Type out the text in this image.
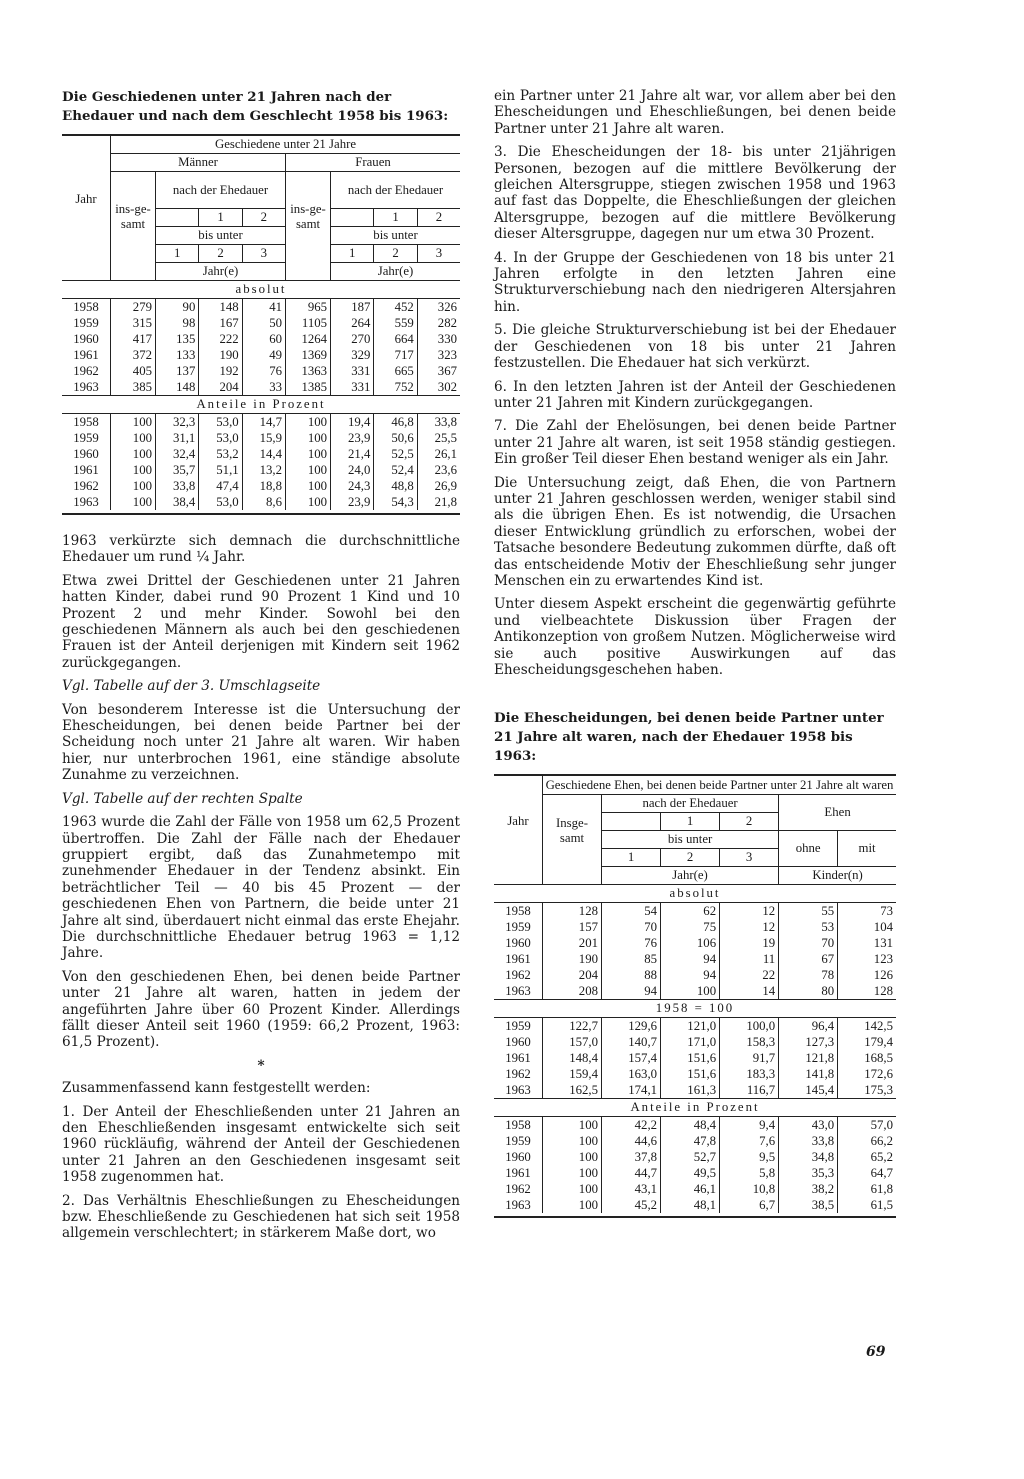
Die Geschiedenen unter 21 Jahren nach der Ehedauer und nach dem Geschlecht 1958 bis 1963:
Jahr	Geschiedene unter 21 Jahre							
	Männer				Frauen			
	ins-ge-samt	nach der Ehedauer			ins-ge-samt	nach der Ehedauer		
			1	2			1	2
		bis unter				bis unter		
		1	2	3		1	2	3
		Jahr(e)				Jahr(e)		
absolut								
1958	279	90	148	41	965	187	452	326
1959	315	98	167	50	1105	264	559	282
1960	417	135	222	60	1264	270	664	330
1961	372	133	190	49	1369	329	717	323
1962	405	137	192	76	1363	331	665	367
1963	385	148	204	33	1385	331	752	302
Anteile in Prozent								
1958	100	32,3	53,0	14,7	100	19,4	46,8	33,8
1959	100	31,1	53,0	15,9	100	23,9	50,6	25,5
1960	100	32,4	53,2	14,4	100	21,4	52,5	26,1
1961	100	35,7	51,1	13,2	100	24,0	52,4	23,6
1962	100	33,8	47,4	18,8	100	24,3	48,8	26,9
1963	100	38,4	53,0	8,6	100	23,9	54,3	21,8

1963 verkürzte sich demnach die durchschnittliche Ehedauer um rund ¼ Jahr.

Etwa zwei Drittel der Geschiedenen unter 21 Jahren hatten Kinder, dabei rund 90 Prozent 1 Kind und 10 Prozent 2 und mehr Kinder. Sowohl bei den geschiedenen Männern als auch bei den geschiedenen Frauen ist der Anteil derjenigen mit Kindern seit 1962 zurückgegangen.

Vgl. Tabelle auf der 3. Umschlagseite

Von besonderem Interesse ist die Untersuchung der Ehescheidungen, bei denen beide Partner bei der Scheidung noch unter 21 Jahre alt waren. Wir haben hier, nur unterbrochen 1961, eine ständige absolute Zunahme zu verzeichnen.

Vgl. Tabelle auf der rechten Spalte

1963 wurde die Zahl der Fälle von 1958 um 62,5 Prozent übertroffen. Die Zahl der Fälle nach der Ehedauer gruppiert ergibt, daß das Zunahmetempo mit zunehmender Ehedauer in der Tendenz absinkt. Ein beträchtlicher Teil — 40 bis 45 Prozent — der geschiedenen Ehen von Partnern, die beide unter 21 Jahre alt sind, überdauert nicht einmal das erste Ehejahr. Die durchschnittliche Ehedauer betrug 1963 = 1,12 Jahre.

Von den geschiedenen Ehen, bei denen beide Partner unter 21 Jahre alt waren, hatten in jedem der angeführten Jahre über 60 Prozent Kinder. Allerdings fällt dieser Anteil seit 1960 (1959: 66,2 Prozent, 1963: 61,5 Prozent).

*

Zusammenfassend kann festgestellt werden:

1. Der Anteil der Eheschließenden unter 21 Jahren an den Eheschließenden insgesamt entwickelte sich seit 1960 rückläufig, während der Anteil der Geschiedenen unter 21 Jahren an den Geschiedenen insgesamt seit 1958 zugenommen hat.

2. Das Verhältnis Eheschließungen zu Ehescheidungen bzw. Eheschließende zu Geschiedenen hat sich seit 1958 allgemein verschlechtert; in stärkerem Maße dort, wo

ein Partner unter 21 Jahre alt war, vor allem aber bei den Ehescheidungen und Eheschließungen, bei denen beide Partner unter 21 Jahre alt waren.

3. Die Ehescheidungen der 18- bis unter 21jährigen Personen, bezogen auf die mittlere Bevölkerung der gleichen Altersgruppe, stiegen zwischen 1958 und 1963 auf fast das Doppelte, die Eheschließungen der gleichen Altersgruppe, bezogen auf die mittlere Bevölkerung dieser Altersgruppe, dagegen nur um etwa 30 Prozent.

4. In der Gruppe der Geschiedenen von 18 bis unter 21 Jahren erfolgte in den letzten Jahren eine Strukturverschiebung nach den niedrigeren Altersjahren hin.

5. Die gleiche Strukturverschiebung ist bei der Ehedauer der Geschiedenen von 18 bis unter 21 Jahren festzustellen. Die Ehedauer hat sich verkürzt.

6. In den letzten Jahren ist der Anteil der Geschiedenen unter 21 Jahren mit Kindern zurückgegangen.

7. Die Zahl der Ehelösungen, bei denen beide Partner unter 21 Jahre alt waren, ist seit 1958 ständig gestiegen. Ein großer Teil dieser Ehen bestand weniger als ein Jahr.

Die Untersuchung zeigt, daß Ehen, die von Partnern unter 21 Jahren geschlossen werden, weniger stabil sind als die übrigen Ehen. Es ist notwendig, die Ursachen dieser Entwicklung gründlich zu erforschen, wobei der Tatsache besondere Bedeutung zukommen dürfte, daß oft das entscheidende Motiv der Eheschließung sehr junger Menschen ein zu erwartendes Kind ist.

Unter diesem Aspekt erscheint die gegenwärtig geführte und vielbeachtete Diskussion über Fragen der Antikonzeption von großem Nutzen. Möglicherweise wird sie auch positive Auswirkungen auf das Ehescheidungsgeschehen haben.

Die Ehescheidungen, bei denen beide Partner unter 21 Jahre alt waren, nach der Ehedauer 1958 bis 1963:
Jahr	Geschiedene Ehen, bei denen beide Partner unter 21 Jahre alt waren					
	Insge-samt	nach der Ehedauer			Ehen	
			1	2		
		bis unter			ohne	mit
		1	2	3		
		Jahr(e)			Kinder(n)	
absolut						
1958	128	54	62	12	55	73
1959	157	70	75	12	53	104
1960	201	76	106	19	70	131
1961	190	85	94	11	67	123
1962	204	88	94	22	78	126
1963	208	94	100	14	80	128
1958 = 100						
1959	122,7	129,6	121,0	100,0	96,4	142,5
1960	157,0	140,7	171,0	158,3	127,3	179,4
1961	148,4	157,4	151,6	91,7	121,8	168,5
1962	159,4	163,0	151,6	183,3	141,8	172,6
1963	162,5	174,1	161,3	116,7	145,4	175,3
Anteile in Prozent						
1958	100	42,2	48,4	9,4	43,0	57,0
1959	100	44,6	47,8	7,6	33,8	66,2
1960	100	37,8	52,7	9,5	34,8	65,2
1961	100	44,7	49,5	5,8	35,3	64,7
1962	100	43,1	46,1	10,8	38,2	61,8
1963	100	45,2	48,1	6,7	38,5	61,5

69
